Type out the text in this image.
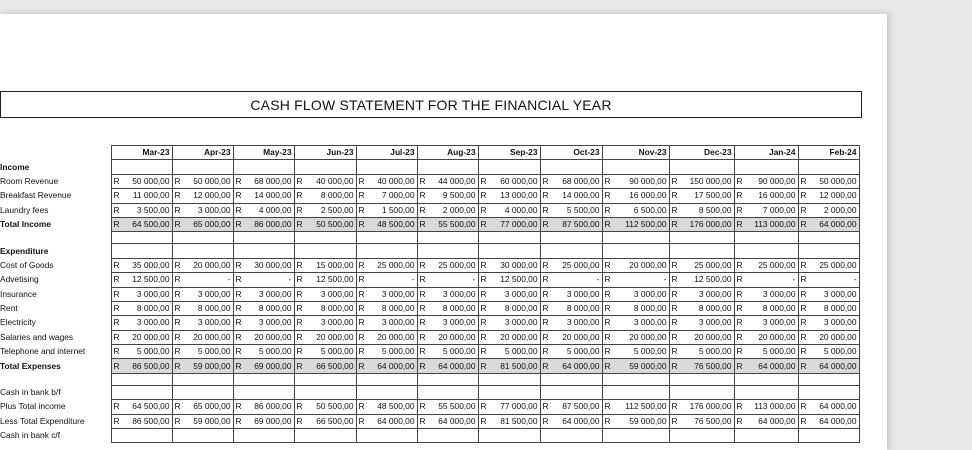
CASH FLOW STATEMENT FOR THE FINANCIAL YEAR
	Mar-23	Apr-23	May-23	Jun-23	Jul-23	Aug-23	Sep-23	Oct-23	Nov-23	Dec-23	Jan-24	Feb-24
Income												
Room Revenue	R 50 000,00	R 50 000,00	R 68 000,00	R 40 000,00	R 40 000,00	R 44 000,00	R 60 000,00	R 68 000,00	R 90 000,00	R 150 000,00	R 90 000,00	R 50 000,00

Breakfast Revenue	R 11 000,00	R 12 000,00	R 14 000,00	R 8 000,00	R 7 000,00	R 9 500,00	R 13 000,00	R 14 000,00	R 16 000,00	R 17 500,00	R 16 000,00	R 12 000,00

Laundry fees	R 3 500,00	R 3 000,00	R 4 000,00	R 2 500,00	R 1 500,00	R 2 000,00	R 4 000,00	R 5 500,00	R 6 500,00	R 8 500,00	R 7 000,00	R 2 000,00

Total Income	R 64 500,00	R 65 000,00	R 86 000,00	R 50 500,00	R 48 500,00	R 55 500,00	R 77 000,00	R 87 500,00	R 112 500,00	R 176 000,00	R 113 000,00	R 64 000,00

Expenditure												
Cost of Goods	R 35 000,00	R 20 000,00	R 30 000,00	R 15 000,00	R 25 000,00	R 25 000,00	R 30 000,00	R 25 000,00	R 20 000,00	R 25 000,00	R 25 000,00	R 25 000,00

Advetising	R 12 500,00	R -	R -	R 12 500,00	R -	R -	R 12 500,00	R -	R -	R 12 500,00	R -	R -

Insurance	R 3 000,00	R 3 000,00	R 3 000,00	R 3 000,00	R 3 000,00	R 3 000,00	R 3 000,00	R 3 000,00	R 3 000,00	R 3 000,00	R 3 000,00	R 3 000,00

Rent	R 8 000,00	R 8 000,00	R 8 000,00	R 8 000,00	R 8 000,00	R 8 000,00	R 8 000,00	R 8 000,00	R 8 000,00	R 8 000,00	R 8 000,00	R 8 000,00

Electricity	R 3 000,00	R 3 000,00	R 3 000,00	R 3 000,00	R 3 000,00	R 3 000,00	R 3 000,00	R 3 000,00	R 3 000,00	R 3 000,00	R 3 000,00	R 3 000,00

Salaries and wages	R 20 000,00	R 20 000,00	R 20 000,00	R 20 000,00	R 20 000,00	R 20 000,00	R 20 000,00	R 20 000,00	R 20 000,00	R 20 000,00	R 20 000,00	R 20 000,00

Telephone and internet	R 5 000,00	R 5 000,00	R 5 000,00	R 5 000,00	R 5 000,00	R 5 000,00	R 5 000,00	R 5 000,00	R 5 000,00	R 5 000,00	R 5 000,00	R 5 000,00

Total Expenses	R 86 500,00	R 59 000,00	R 69 000,00	R 66 500,00	R 64 000,00	R 64 000,00	R 81 500,00	R 64 000,00	R 59 000,00	R 76 500,00	R 64 000,00	R 64 000,00

Cash in bank b/f												
Plus Total income	R 64 500,00	R 65 000,00	R 86 000,00	R 50 500,00	R 48 500,00	R 55 500,00	R 77 000,00	R 87 500,00	R 112 500,00	R 176 000,00	R 113 000,00	R 64 000,00

Less Total Expenditure	R 86 500,00	R 59 000,00	R 69 000,00	R 66 500,00	R 64 000,00	R 64 000,00	R 81 500,00	R 64 000,00	R 59 000,00	R 76 500,00	R 64 000,00	R 64 000,00

Cash in bank c/f												
